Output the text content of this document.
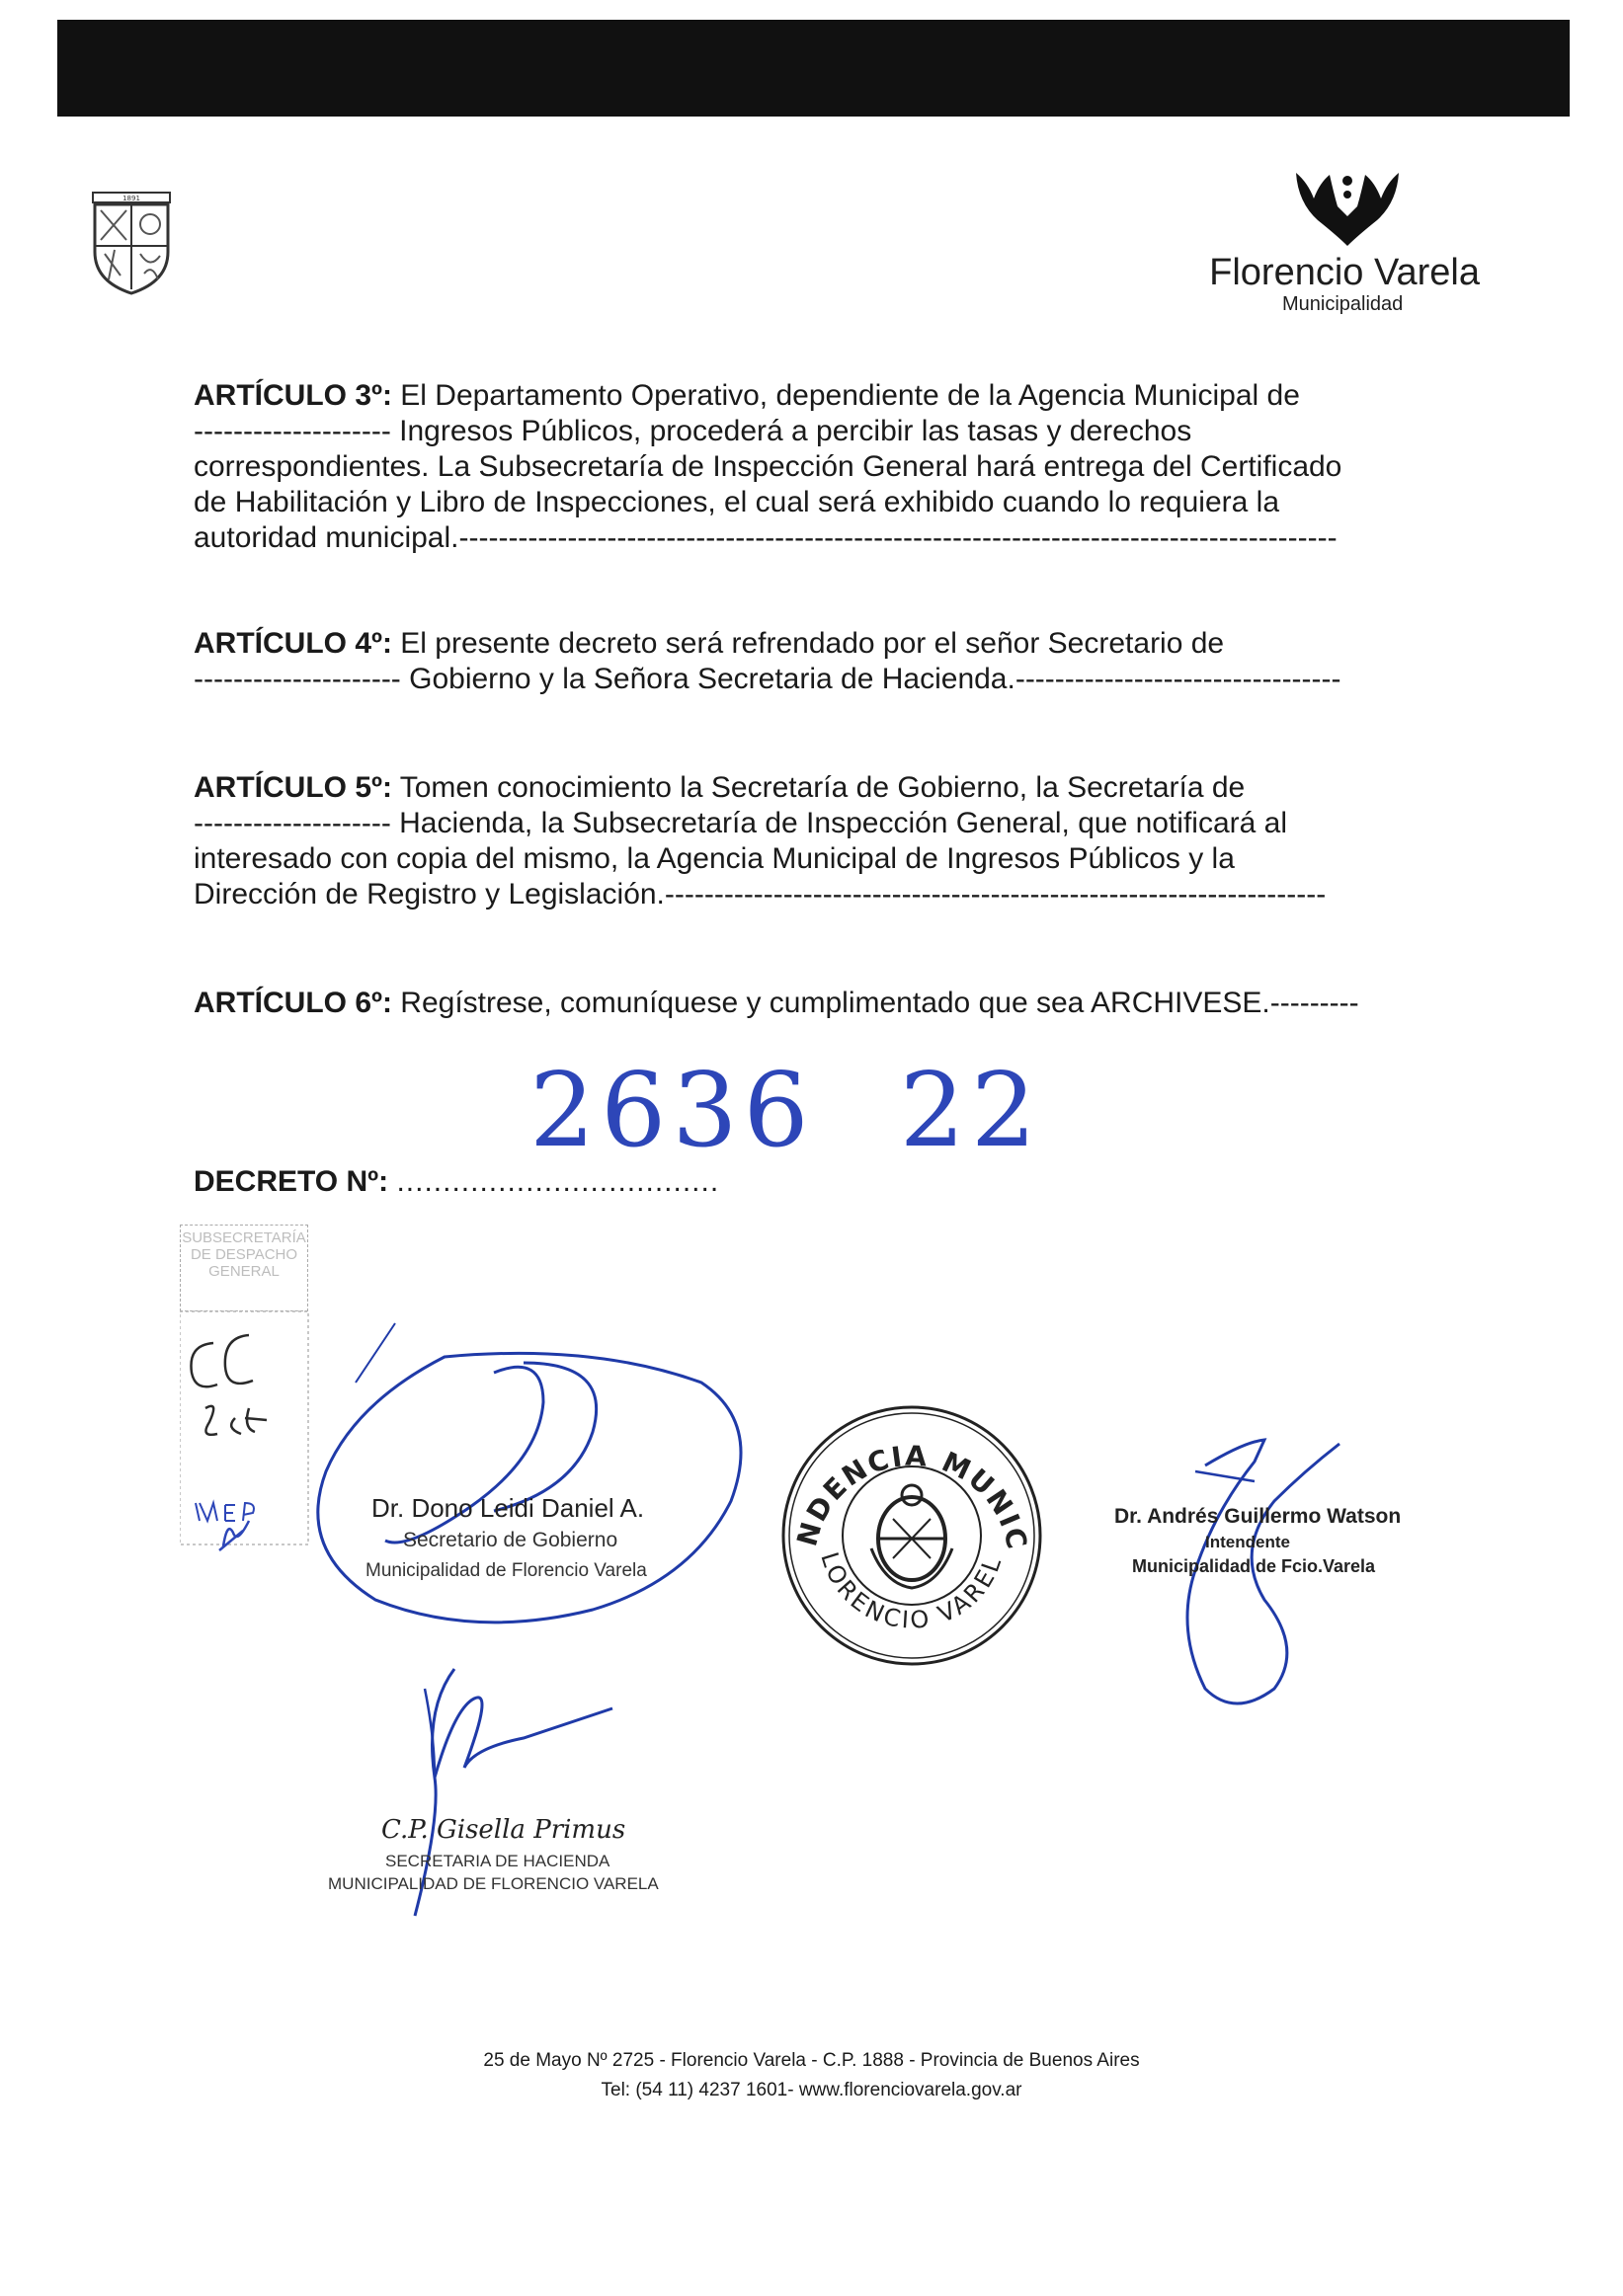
1891
Florencio Varela
Municipalidad
ARTÍCULO 3º: El Departamento Operativo, dependiente de la Agencia Municipal de
-------------------- Ingresos Públicos, procederá a percibir las tasas y derechos
correspondientes. La Subsecretaría de Inspección General hará entrega del Certificado
de Habilitación y Libro de Inspecciones, el cual será exhibido cuando lo requiera la
autoridad municipal.-----------------------------------------------------------------------------------------
ARTÍCULO 4º: El presente decreto será refrendado por el señor Secretario de
--------------------- Gobierno y la Señora Secretaria de Hacienda.---------------------------------
ARTÍCULO 5º: Tomen conocimiento la Secretaría de Gobierno, la Secretaría de
-------------------- Hacienda, la Subsecretaría de Inspección General, que notificará al
interesado con copia del mismo, la Agencia Municipal de Ingresos Públicos y la
Dirección de Registro y Legislación.-------------------------------------------------------------------
ARTÍCULO 6º: Regístrese, comuníquese y cumplimentado que sea ARCHIVESE.---------
2636 22
DECRETO Nº: ...................................
SUBSECRETARÍA DE DESPACHO GENERAL
Dr. Dono Leidi Daniel A.
Secretario de Gobierno
Municipalidad de Florencio Varela
NDENCIA MUNIC
LORENCIO VAREL
Dr. Andrés Guillermo Watson
Intendente
Municipalidad de Fcio.Varela
C.P. Gisella Primus
SECRETARIA DE HACIENDA
MUNICIPALIDAD DE FLORENCIO VARELA
25 de Mayo Nº 2725 - Florencio Varela - C.P. 1888 - Provincia de Buenos Aires
Tel: (54 11) 4237 1601- www.florenciovarela.gov.ar
